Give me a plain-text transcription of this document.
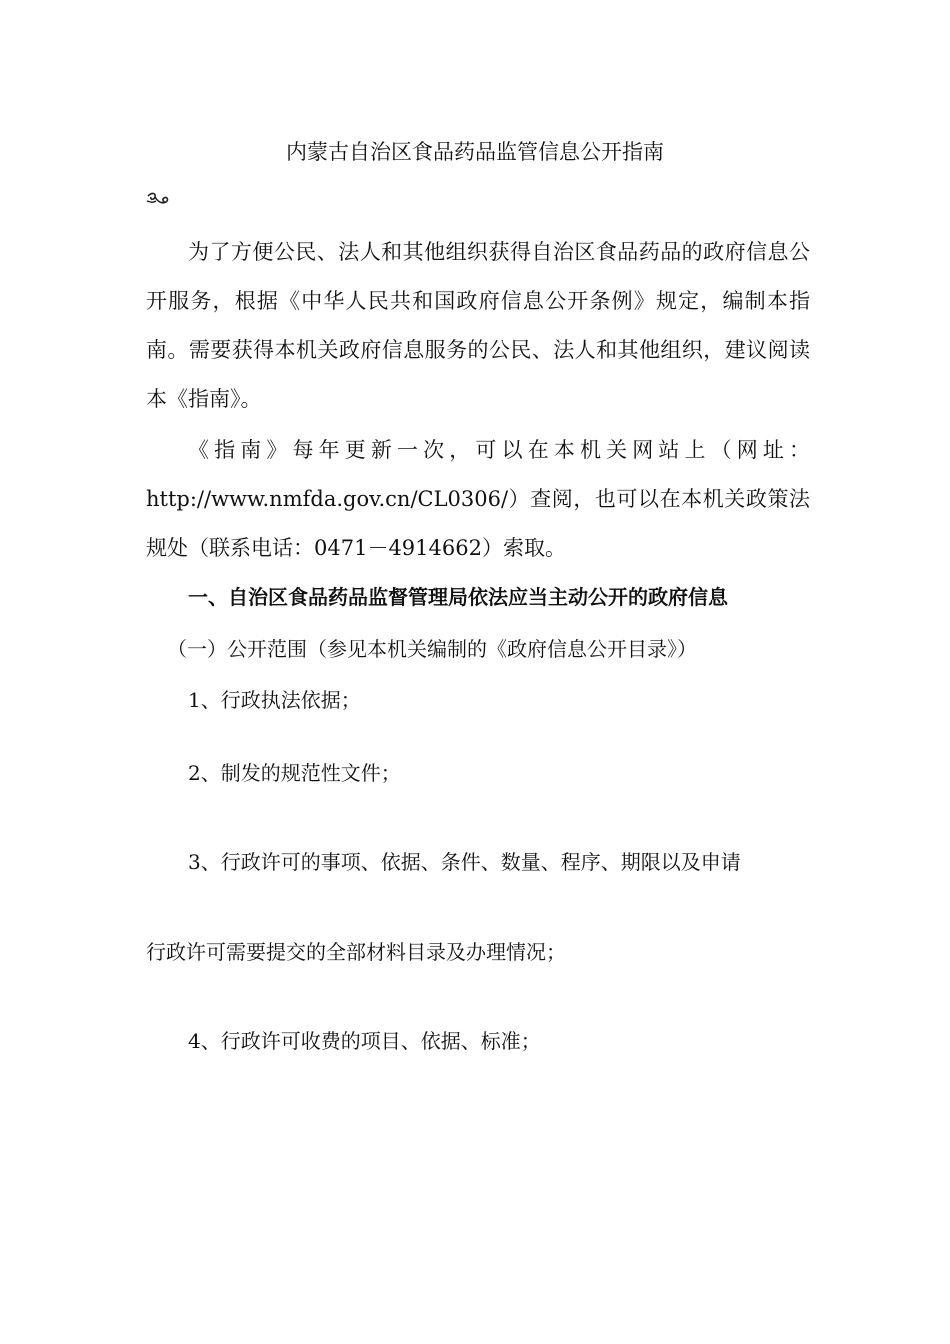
内蒙古自治区食品药品监管信息公开指南

为了方便公民、法人和其他组织获得自治区食品药品的政府信息公开服务，根据《中华人民共和国政府信息公开条例》规定，编制本指南。需要获得本机关政府信息服务的公民、法人和其他组织，建议阅读本《指南》。

《指南》每年更新一次，可以在本机关网站上（网址：http://www.nmfda.gov.cn/CL0306/）查阅，也可以在本机关政策法规处（联系电话：0471－4914662）索取。

一、自治区食品药品监督管理局依法应当主动公开的政府信息
（一）公开范围（参见本机关编制的《政府信息公开目录》）
1、行政执法依据；
2、制发的规范性文件；
3、行政许可的事项、依据、条件、数量、程序、期限以及申请
行政许可需要提交的全部材料目录及办理情况；
4、行政许可收费的项目、依据、标准；
